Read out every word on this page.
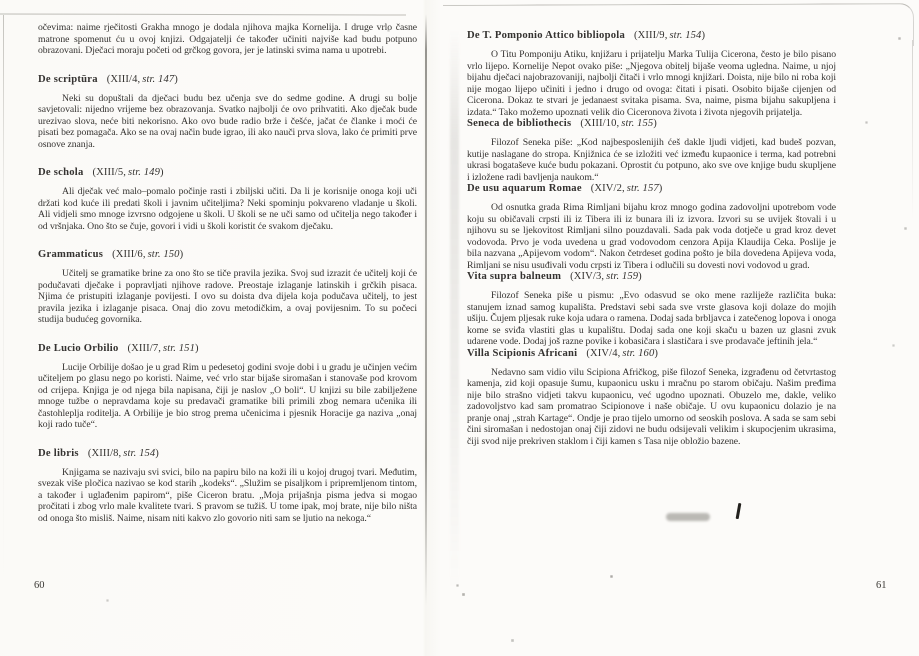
očevima: naime rječitosti Grakha mnogo je dodala njihova majka Kornelija. I druge vrlo časne matrone spomenut ću u ovoj knjizi. Odgajatelji će također učiniti najviše kad budu potpuno obrazovani. Dječaci moraju početi od grčkog govora, jer je latinski svima nama u upotrebi.

De scriptūra (XIII/4, str. 147)

Neki su dopuštali da dječaci budu bez učenja sve do sedme godine. A drugi su bolje savjetovali: nijedno vrijeme bez obrazovanja. Svatko najbolji će ovo prihvatiti. Ako dječak bude urezivao slova, neće biti nekorisno. Ako ovo bude radio brže i češće, jačat će članke i moći će pisati bez pomagača. Ako se na ovaj način bude igrao, ili ako nauči prva slova, lako će primiti prve osnove znanja.

De schola (XIII/5, str. 149)

Ali dječak već malo–pomalo počinje rasti i zbiljski učiti. Da li je korisnije onoga koji uči držati kod kuće ili predati školi i javnim učiteljima? Neki spominju pokvareno vladanje u školi. Ali vidjeli smo mnoge izvrsno odgojene u školi. U školi se ne uči samo od učitelja nego također i od vršnjaka. Ono što se čuje, govori i vidi u školi koristit će svakom dječaku.

Grammaticus (XIII/6, str. 150)

Učitelj se gramatike brine za ono što se tiče pravila jezika. Svoj sud izrazit će učitelj koji će podučavati dječake i popravljati njihove radove. Preostaje izlaganje latinskih i grčkih pisaca. Njima će pristupiti izlaganje povijesti. I ovo su doista dva dijela koja podučava učitelj, to jest pravila jezika i izlaganje pisaca. Onaj dio zovu metodičkim, a ovaj povijesnim. To su počeci studija budućeg govornika.

De Lucio Orbilio (XIII/7, str. 151)

Lucije Orbilije došao je u grad Rim u pedesetoj godini svoje dobi i u gradu je učinjen većim učiteljem po glasu nego po koristi. Naime, već vrlo star bijaše siromašan i stanovaše pod krovom od crijepa. Knjiga je od njega bila napisana, čiji je naslov „O boli“. U knjizi su bile zabilježene mnoge tužbe o nepravdama koje su predavači gramatike bili primili zbog nemara učenika ili častohleplja roditelja. A Orbilije je bio strog prema učenicima i pjesnik Horacije ga naziva „onaj koji rado tuče“.

De libris (XIII/8, str. 154)

Knjigama se nazivaju svi svici, bilo na papiru bilo na koži ili u kojoj drugoj tvari. Međutim, svezak više pločica nazivao se kod starih „kodeks“. „Služim se pisaljkom i pripremljenom tintom, a također i uglađenim papirom“, piše Ciceron bratu. „Moja prijašnja pisma jedva si mogao pročitati i zbog vrlo male kvalitete tvari. S pravom se tužiš. U tome ipak, moj brate, nije bilo ništa od onoga što misliš. Naime, nisam niti kakvo zlo govorio niti sam se ljutio na nekoga.“

De T. Pomponio Attico bibliopola (XIII/9, str. 154)

O Titu Pomponiju Atiku, knjižaru i prijatelju Marka Tulija Cicerona, često je bilo pisano vrlo lijepo. Kornelije Nepot ovako piše: „Njegova obitelj bijaše veoma ugledna. Naime, u njoj bijahu dječaci najobrazovaniji, najbolji čitači i vrlo mnogi knjižari. Doista, nije bilo ni roba koji nije mogao lijepo učiniti i jedno i drugo od ovoga: čitati i pisati. Osobito bijaše cijenjen od Cicerona. Dokaz te stvari je jedanaest svitaka pisama. Sva, naime, pisma bijahu sakupljena i izdata.“ Tako možemo upoznati velik dio Ciceronova života i života njegovih prijatelja.

Seneca de bibliothecis (XIII/10, str. 155)

Filozof Seneka piše: „Kod najbesposlenijih ćeš dakle ljudi vidjeti, kad budeš pozvan, kutije naslagane do stropa. Knjižnica će se izložiti već između kupaonice i terma, kad potrebni ukrasi bogataševe kuće budu pokazani. Oprostit ću potpuno, ako sve ove knjige budu skupljene i izložene radi bavljenja naukom.“

De usu aquarum Romae (XIV/2, str. 157)

Od osnutka grada Rima Rimljani bijahu kroz mnogo godina zadovoljni upotrebom vode koju su običavali crpsti ili iz Tibera ili iz bunara ili iz izvora. Izvori su se uvijek štovali i u njihovu su se ljekovitost Rimljani silno pouzdavali. Sada pak voda dotječe u grad kroz devet vodovoda. Prvo je voda uvedena u grad vodovodom cenzora Apija Klaudija Ceka. Poslije je bila nazvana „Apijevom vodom“. Nakon četrdeset godina pošto je bila dovedena Apijeva voda, Rimljani se nisu usuđivali vodu crpsti iz Tibera i odlučili su dovesti novi vodovod u grad.

Vita supra balneum (XIV/3, str. 159)

Filozof Seneka piše u pismu: „Evo odasvud se oko mene razliježe različita buka: stanujem iznad samog kupališta. Predstavi sebi sada sve vrste glasova koji dolaze do mojih ušiju. Čujem pljesak ruke koja udara o ramena. Dodaj sada brbljavca i zatečenog lopova i onoga kome se sviđa vlastiti glas u kupalištu. Dodaj sada one koji skaču u bazen uz glasni zvuk udarene vode. Dodaj još razne povike i kobasičara i slastičara i sve prodavače jeftinih jela.“

Villa Scipionis Africani (XIV/4, str. 160)

Nedavno sam vidio vilu Scipiona Afričkog, piše filozof Seneka, izgrađenu od četvrtastog kamenja, zid koji opasuje šumu, kupaonicu usku i mračnu po starom običaju. Našim pređima nije bilo strašno vidjeti takvu kupaonicu, već ugodno upoznati. Obuzelo me, dakle, veliko zadovoljstvo kad sam promatrao Scipionove i naše običaje. U ovu kupaonicu dolazio je na pranje onaj „strah Kartage“. Ondje je prao tijelo umorno od seoskih poslova. A sada se sam sebi čini siromašan i nedostojan onaj čiji zidovi ne budu odsijevali velikim i skupocjenim ukrasima, čiji svod nije prekriven staklom i čiji kamen s Tasa nije obložio bazene.

60	61
